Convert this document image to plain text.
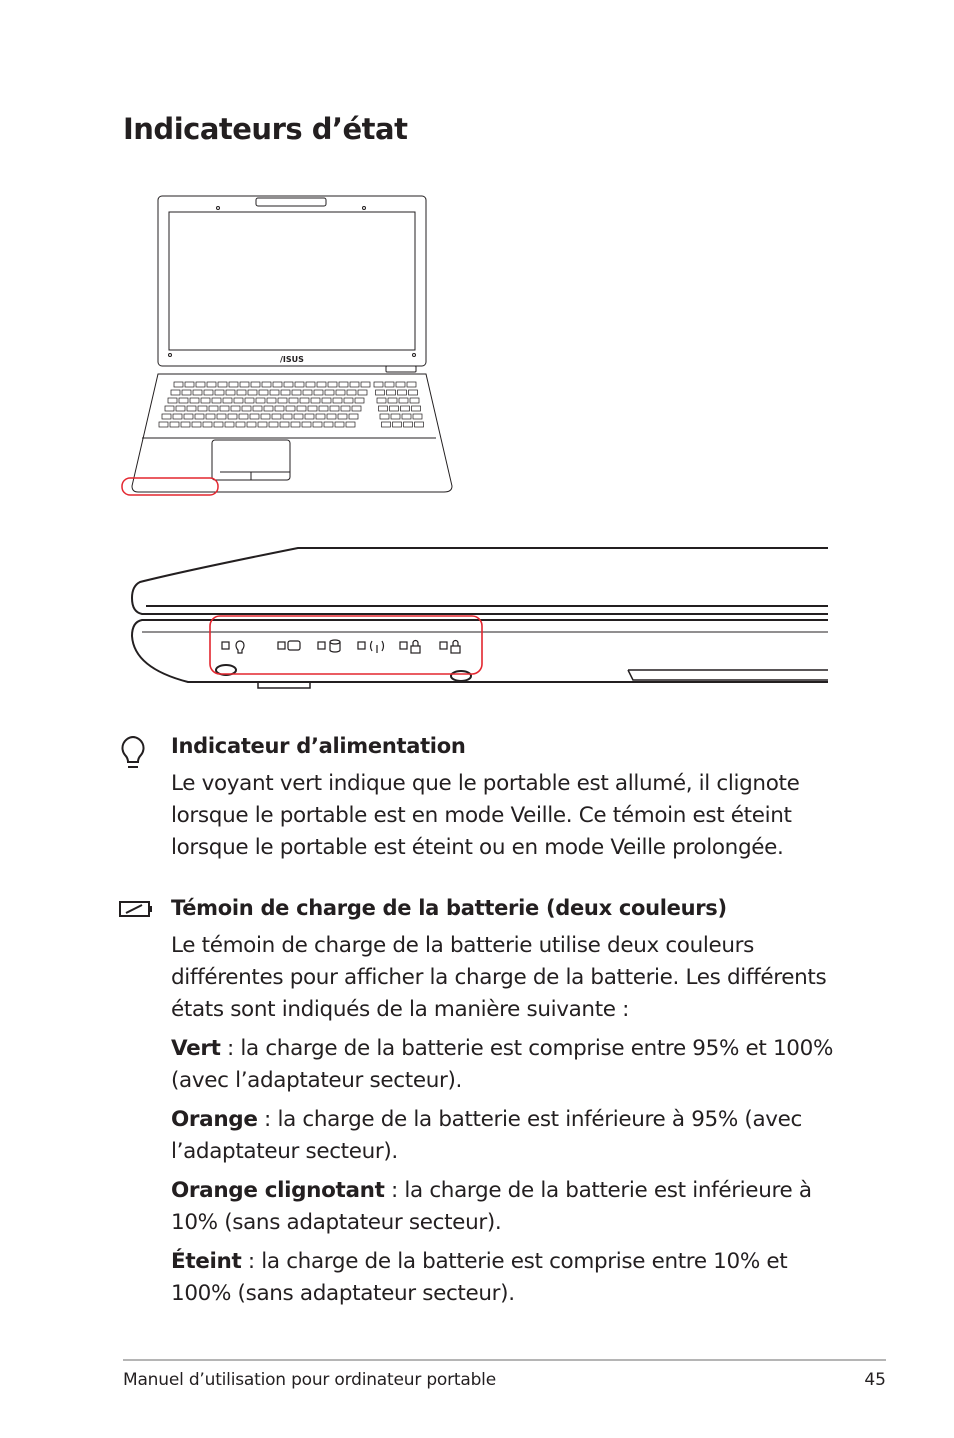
Indicateurs d’état
/ISUS
Indicateur d’alimentation

Le voyant vert indique que le portable est allumé, il clignote lorsque le portable est en mode Veille. Ce témoin est éteint lorsque le portable est éteint ou en mode Veille prolongée.

Témoin de charge de la batterie (deux couleurs)

Le témoin de charge de la batterie utilise deux couleurs différentes pour afficher la charge de la batterie. Les différents états sont indiqués de la manière suivante :

Vert : la charge de la batterie est comprise entre 95% et 100% (avec l’adaptateur secteur).

Orange : la charge de la batterie est inférieure à 95% (avec l’adaptateur secteur).

Orange clignotant : la charge de la batterie est inférieure à 10% (sans adaptateur secteur).

Éteint : la charge de la batterie est comprise entre 10% et 100% (sans adaptateur secteur).

Manuel d’utilisation pour ordinateur portable	45
